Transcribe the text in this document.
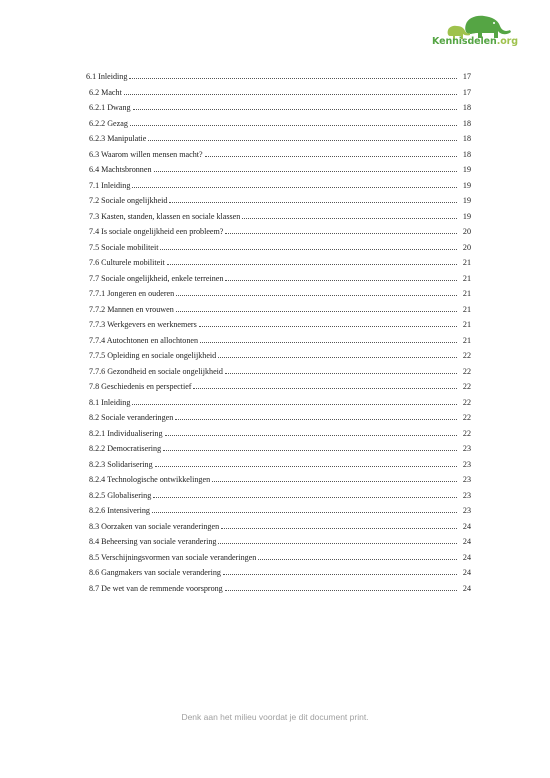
Kennisdelen.org
6.1 Inleiding	17
6.2 Macht	17
6.2.1 Dwang	18
6.2.2 Gezag	18
6.2.3 Manipulatie	18
6.3 Waarom willen mensen macht?	18
6.4 Machtsbronnen	19
7.1 Inleiding	19
7.2 Sociale ongelijkheid	19
7.3 Kasten, standen, klassen en sociale klassen	19
7.4 Is sociale ongelijkheid een probleem?	20
7.5 Sociale mobiliteit	20
7.6 Culturele mobiliteit	21
7.7 Sociale ongelijkheid, enkele terreinen	21
7.7.1 Jongeren en ouderen	21
7.7.2 Mannen en vrouwen	21
7.7.3 Werkgevers en werknemers	21
7.7.4 Autochtonen en allochtonen	21
7.7.5 Opleiding en sociale ongelijkheid	22
7.7.6 Gezondheid en sociale ongelijkheid	22
7.8 Geschiedenis en perspectief	22
8.1 Inleiding	22
8.2 Sociale veranderingen	22
8.2.1 Individualisering	22
8.2.2 Democratisering	23
8.2.3 Solidarisering	23
8.2.4 Technologische ontwikkelingen	23
8.2.5 Globalisering	23
8.2.6 Intensivering	23
8.3 Oorzaken van sociale veranderingen	24
8.4 Beheersing van sociale verandering	24
8.5 Verschijningsvormen van sociale veranderingen	24
8.6 Gangmakers van sociale verandering	24
8.7 De wet van de remmende voorsprong	24
Denk aan het milieu voordat je dit document print.
